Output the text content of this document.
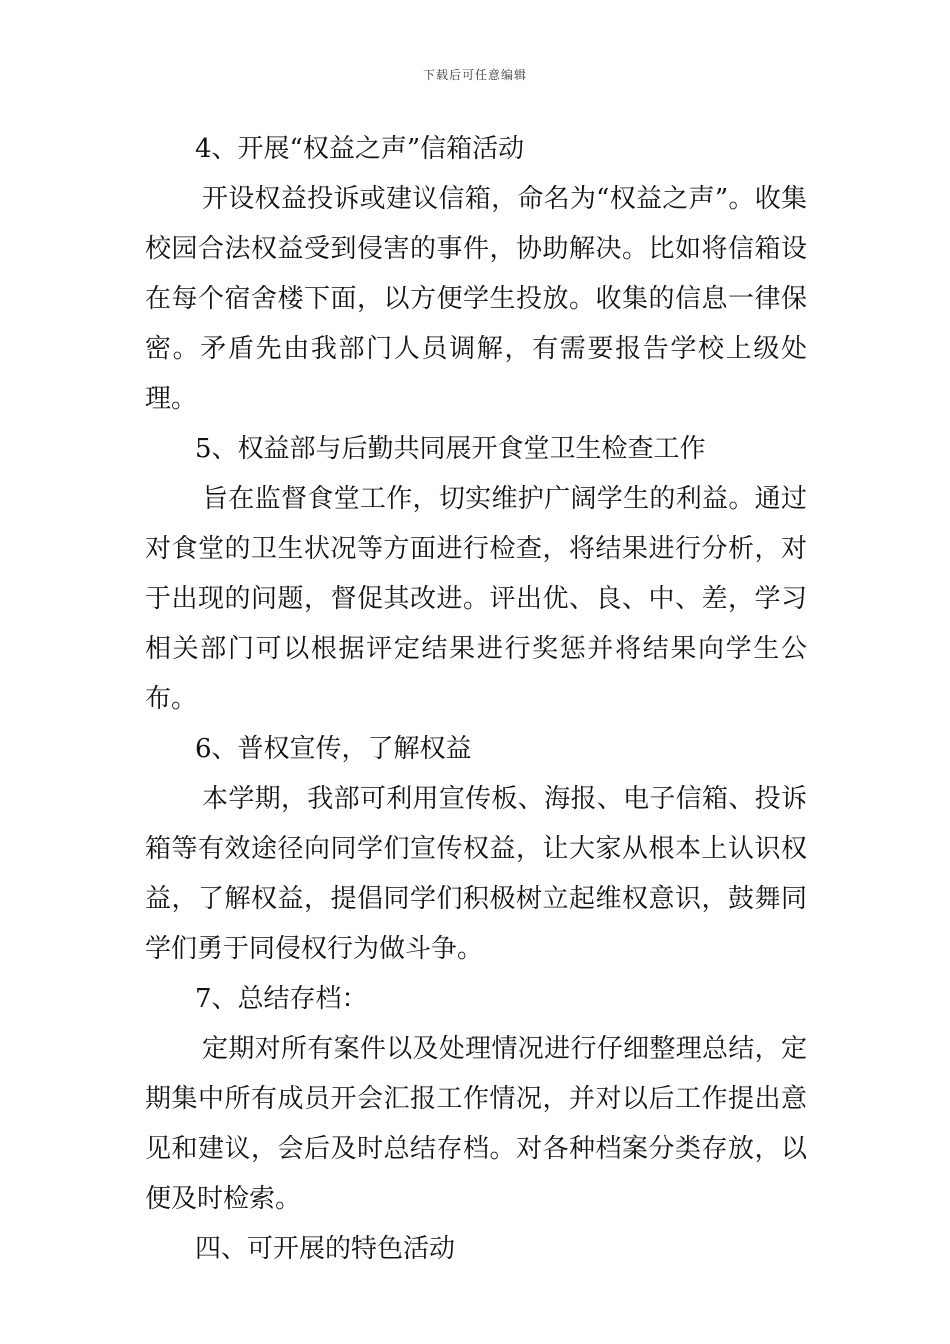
下载后可任意编辑

4、开展“权益之声”信箱活动

开设权益投诉或建议信箱，命名为“权益之声”。收集校园合法权益受到侵害的事件，协助解决。比如将信箱设在每个宿舍楼下面，以方便学生投放。收集的信息一律保密。矛盾先由我部门人员调解，有需要报告学校上级处理。

5、权益部与后勤共同展开食堂卫生检查工作

旨在监督食堂工作，切实维护广阔学生的利益。通过对食堂的卫生状况等方面进行检查，将结果进行分析，对于出现的问题，督促其改进。评出优、良、中、差，学习相关部门可以根据评定结果进行奖惩并将结果向学生公布。

6、普权宣传，了解权益

本学期，我部可利用宣传板、海报、电子信箱、投诉箱等有效途径向同学们宣传权益，让大家从根本上认识权益，了解权益，提倡同学们积极树立起维权意识，鼓舞同学们勇于同侵权行为做斗争。

7、总结存档：

定期对所有案件以及处理情况进行仔细整理总结，定期集中所有成员开会汇报工作情况，并对以后工作提出意见和建议，会后及时总结存档。对各种档案分类存放，以便及时检索。

四、可开展的特色活动
